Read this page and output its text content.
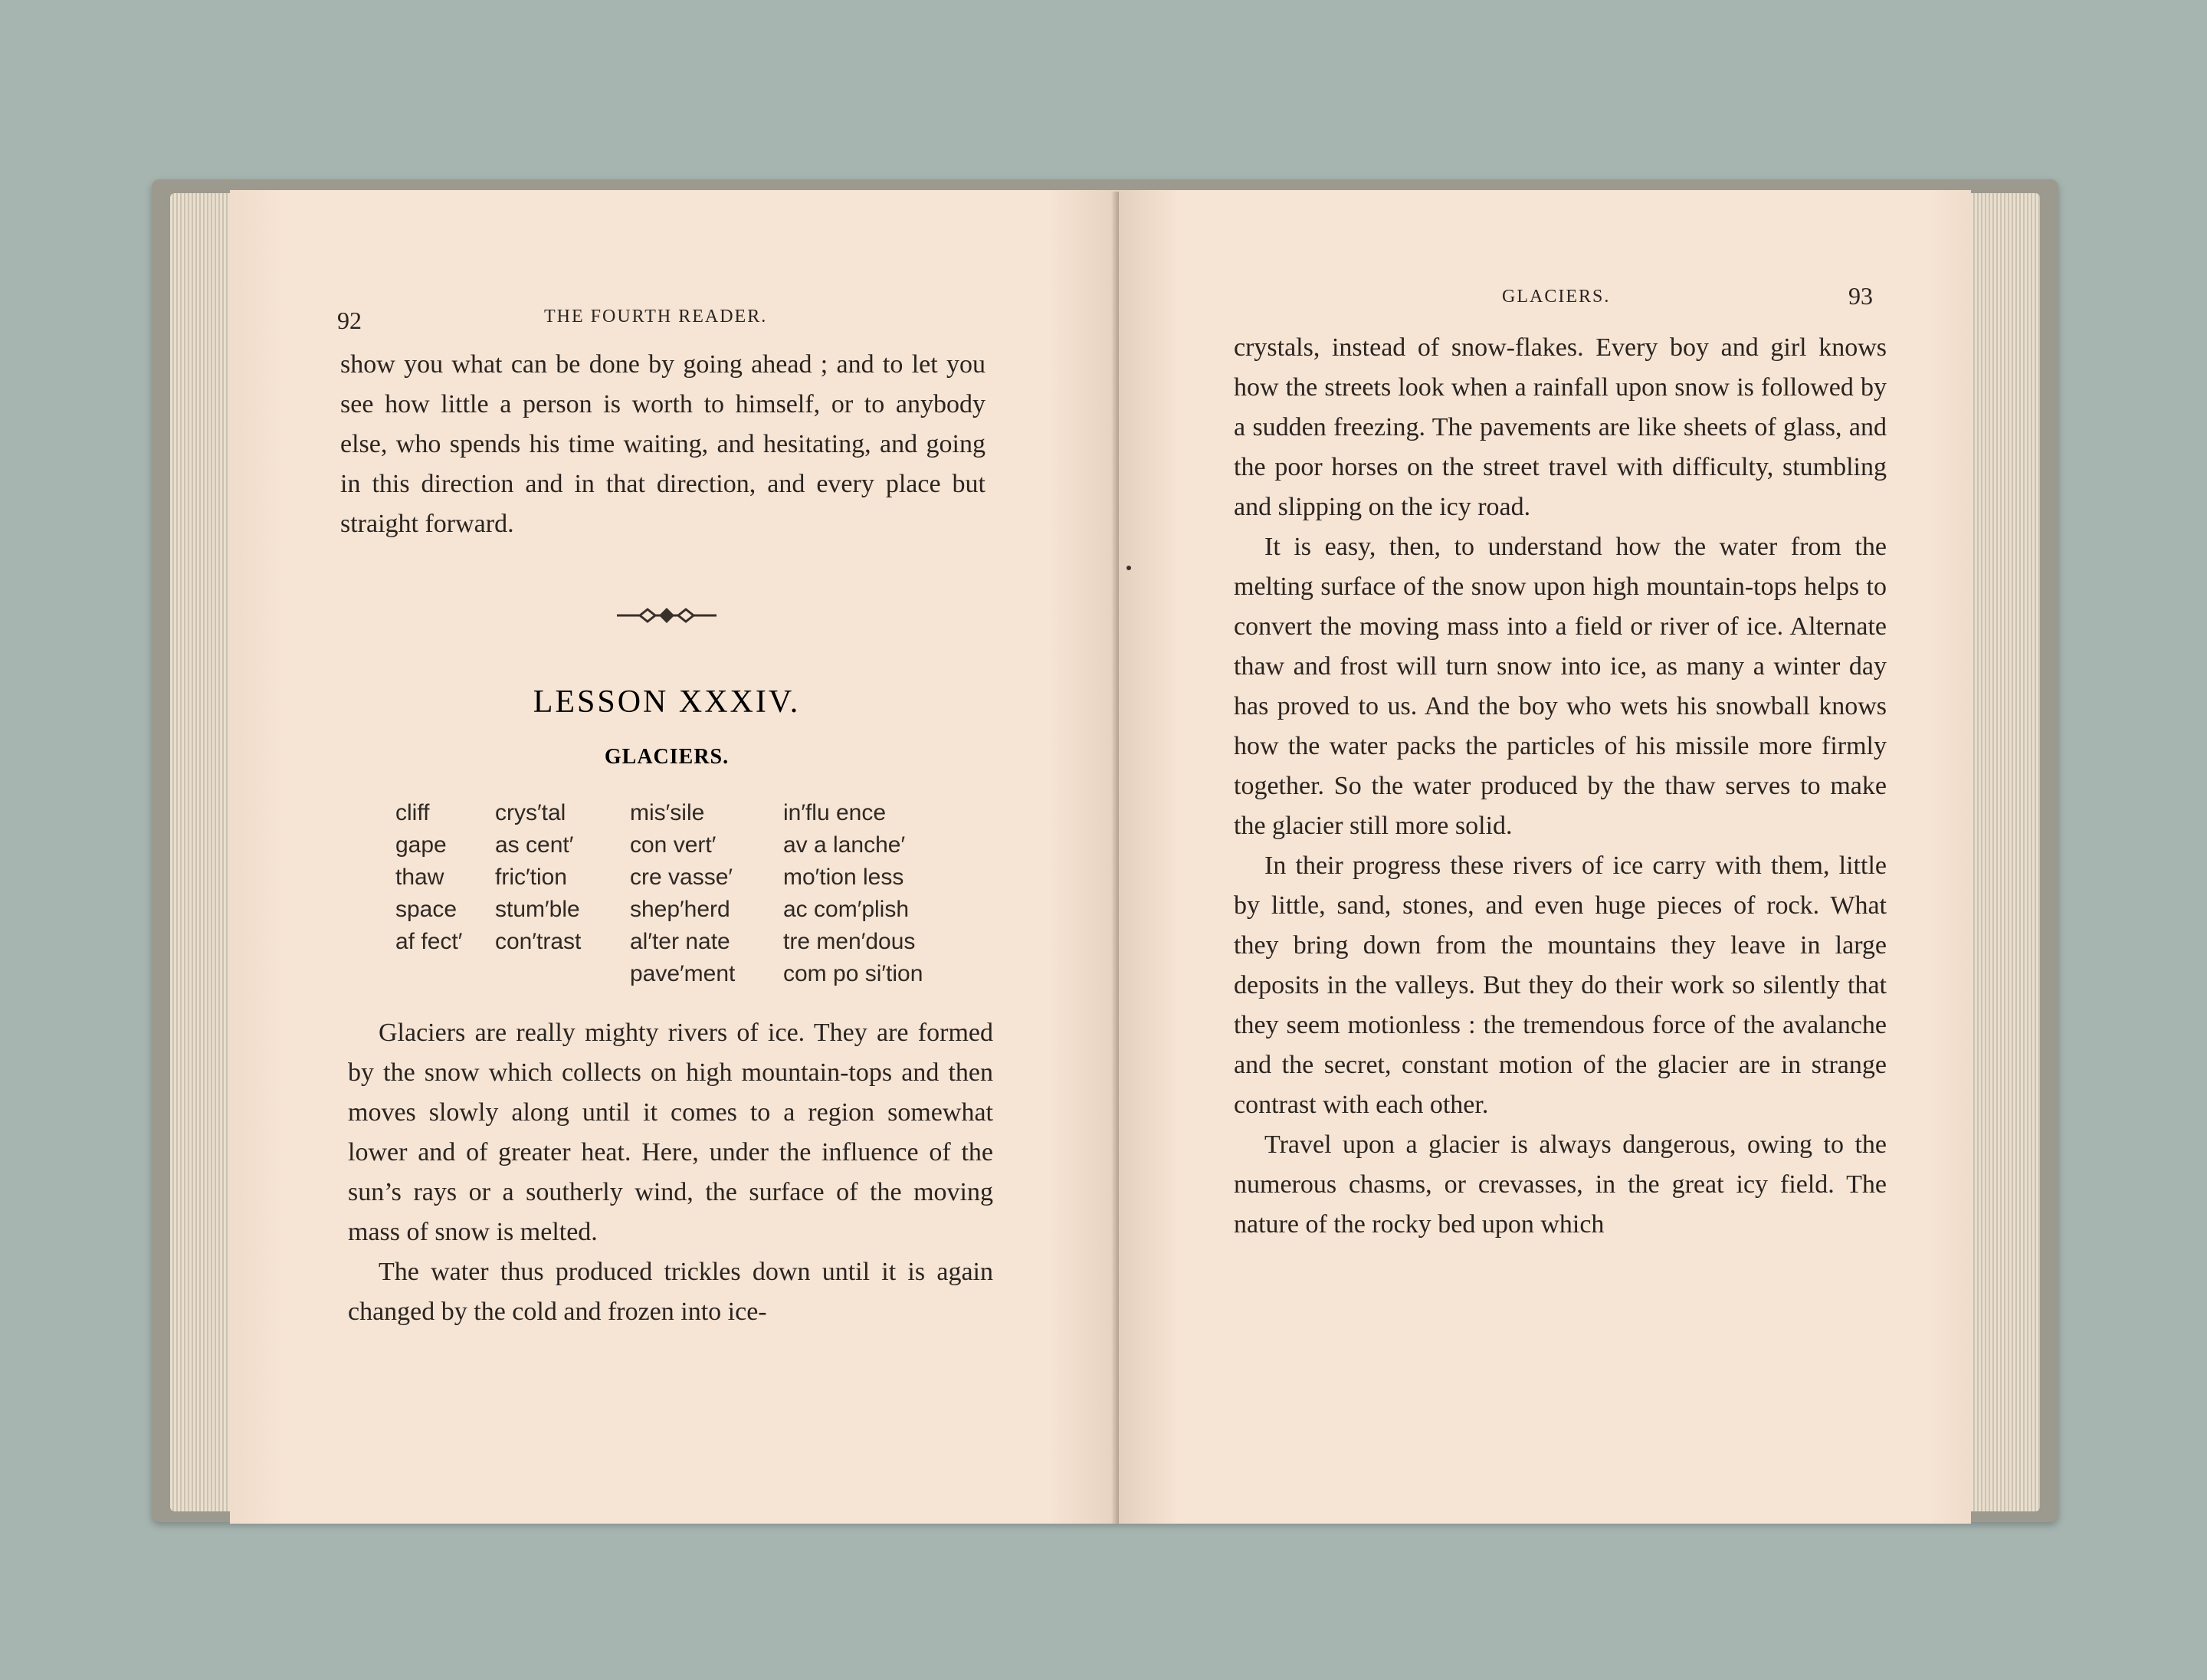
92	THE FOURTH READER.

show you what can be done by going ahead ; and to let you see how little a person is worth to himself, or to anybody else, who spends his time waiting, and hesitating, and going in this direction and in that direction, and every place but straight forward.

LESSON XXXIV.
GLACIERS.
cliff
gape
thaw
space
af fect′
crys′tal
as cent′
fric′tion
stum′ble
con′trast
mis′sile
con vert′
cre vasse′
shep′herd
al′ter nate
pave′ment
in′flu ence
av a lanche′
mo′tion less
ac com′plish
tre men′dous
com po si′tion

Glaciers are really mighty rivers of ice. They are formed by the snow which collects on high mountain-tops and then moves slowly along until it comes to a region somewhat lower and of greater heat. Here, under the influence of the sun’s rays or a southerly wind, the surface of the moving mass of snow is melted.

The water thus produced trickles down until it is again changed by the cold and frozen into ice-

GLACIERS.	93

crystals, instead of snow-flakes. Every boy and girl knows how the streets look when a rainfall upon snow is followed by a sudden freezing. The pavements are like sheets of glass, and the poor horses on the street travel with difficulty, stumbling and slipping on the icy road.

It is easy, then, to understand how the water from the melting surface of the snow upon high mountain-tops helps to convert the moving mass into a field or river of ice. Alternate thaw and frost will turn snow into ice, as many a winter day has proved to us. And the boy who wets his snowball knows how the water packs the particles of his missile more firmly together. So the water produced by the thaw serves to make the glacier still more solid.

In their progress these rivers of ice carry with them, little by little, sand, stones, and even huge pieces of rock. What they bring down from the mountains they leave in large deposits in the valleys. But they do their work so silently that they seem motionless : the tremendous force of the avalanche and the secret, constant motion of the glacier are in strange contrast with each other.

Travel upon a glacier is always dangerous, owing to the numerous chasms, or crevasses, in the great icy field. The nature of the rocky bed upon which
